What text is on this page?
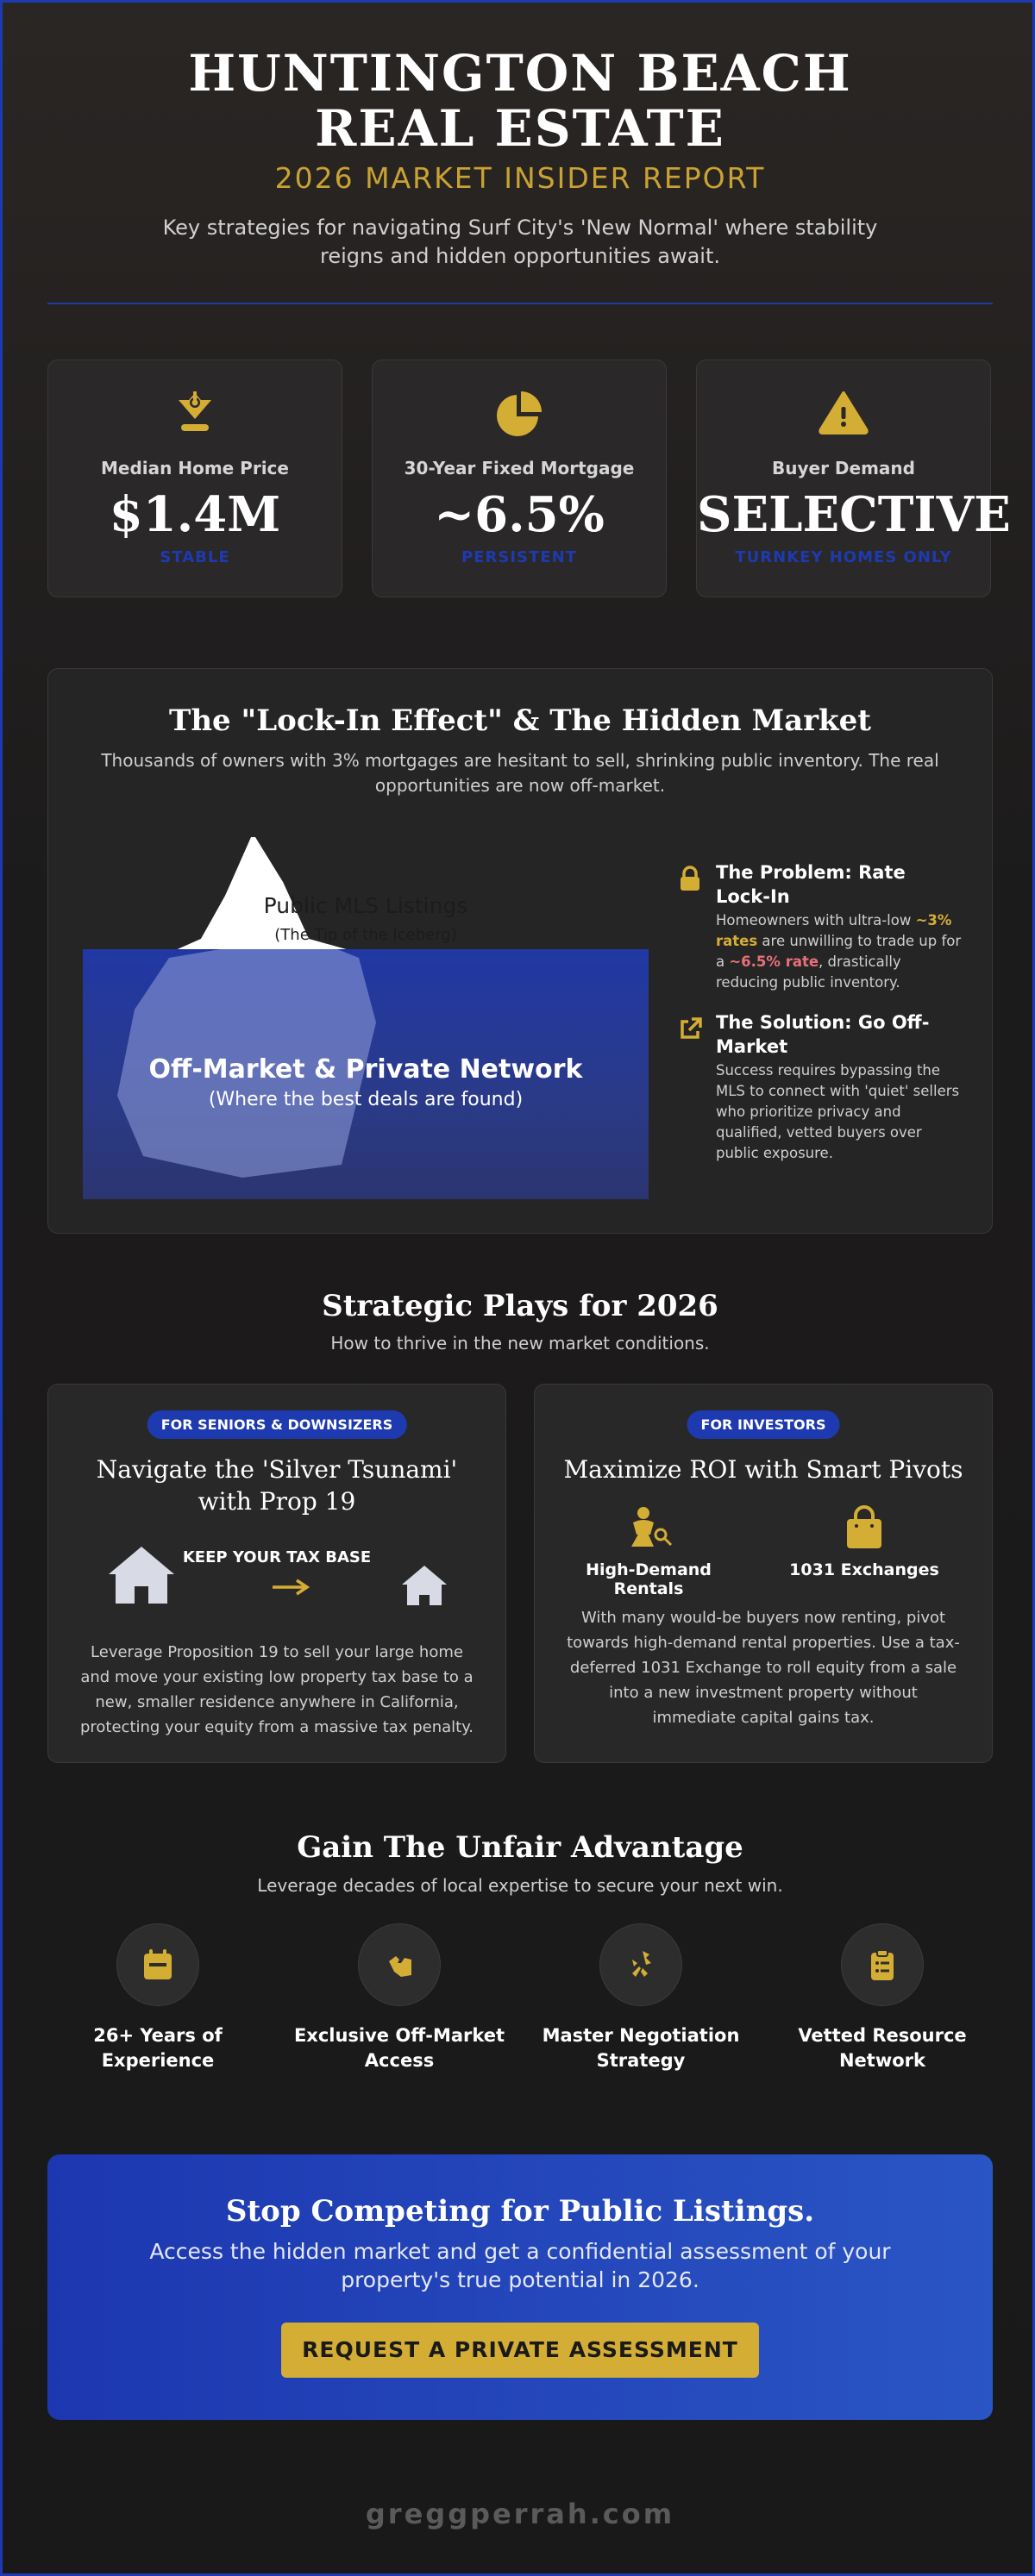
HUNTINGTON BEACH REAL ESTATE
2026 MARKET INSIDER REPORT
Key strategies for navigating Surf City's 'New Normal' where stability reigns and hidden opportunities await.
Median Home Price
$1.4M
STABLE
30-Year Fixed Mortgage
~6.5%
PERSISTENT
Buyer Demand
SELECTIVE
TURNKEY HOMES ONLY
The "Lock-In Effect" & The Hidden Market
Thousands of owners with 3% mortgages are hesitant to sell, shrinking public inventory. The real opportunities are now off-market.
Public MLS Listings
(The Tip of the Iceberg)
Off-Market & Private Network
(Where the best deals are found)
The Problem: Rate Lock-In
Homeowners with ultra-low ~3% rates are unwilling to trade up for a ~6.5% rate, drastically reducing public inventory.
The Solution: Go Off-Market
Success requires bypassing the MLS to connect with 'quiet' sellers who prioritize privacy and qualified, vetted buyers over public exposure.
Strategic Plays for 2026
How to thrive in the new market conditions.
FOR SENIORS & DOWNSIZERS
Navigate the 'Silver Tsunami' with Prop 19
KEEP YOUR TAX BASE
Leverage Proposition 19 to sell your large home and move your existing low property tax base to a new, smaller residence anywhere in California, protecting your equity from a massive tax penalty.
FOR INVESTORS
Maximize ROI with Smart Pivots
High-Demand Rentals
1031 Exchanges
With many would-be buyers now renting, pivot towards high-demand rental properties. Use a tax-deferred 1031 Exchange to roll equity from a sale into a new investment property without immediate capital gains tax.
Gain The Unfair Advantage
Leverage decades of local expertise to secure your next win.
26+ Years of Experience
Exclusive Off-Market Access
Master Negotiation Strategy
Vetted Resource Network
Stop Competing for Public Listings.
Access the hidden market and get a confidential assessment of your property's true potential in 2026.
REQUEST A PRIVATE ASSESSMENT
greggperrah.com
